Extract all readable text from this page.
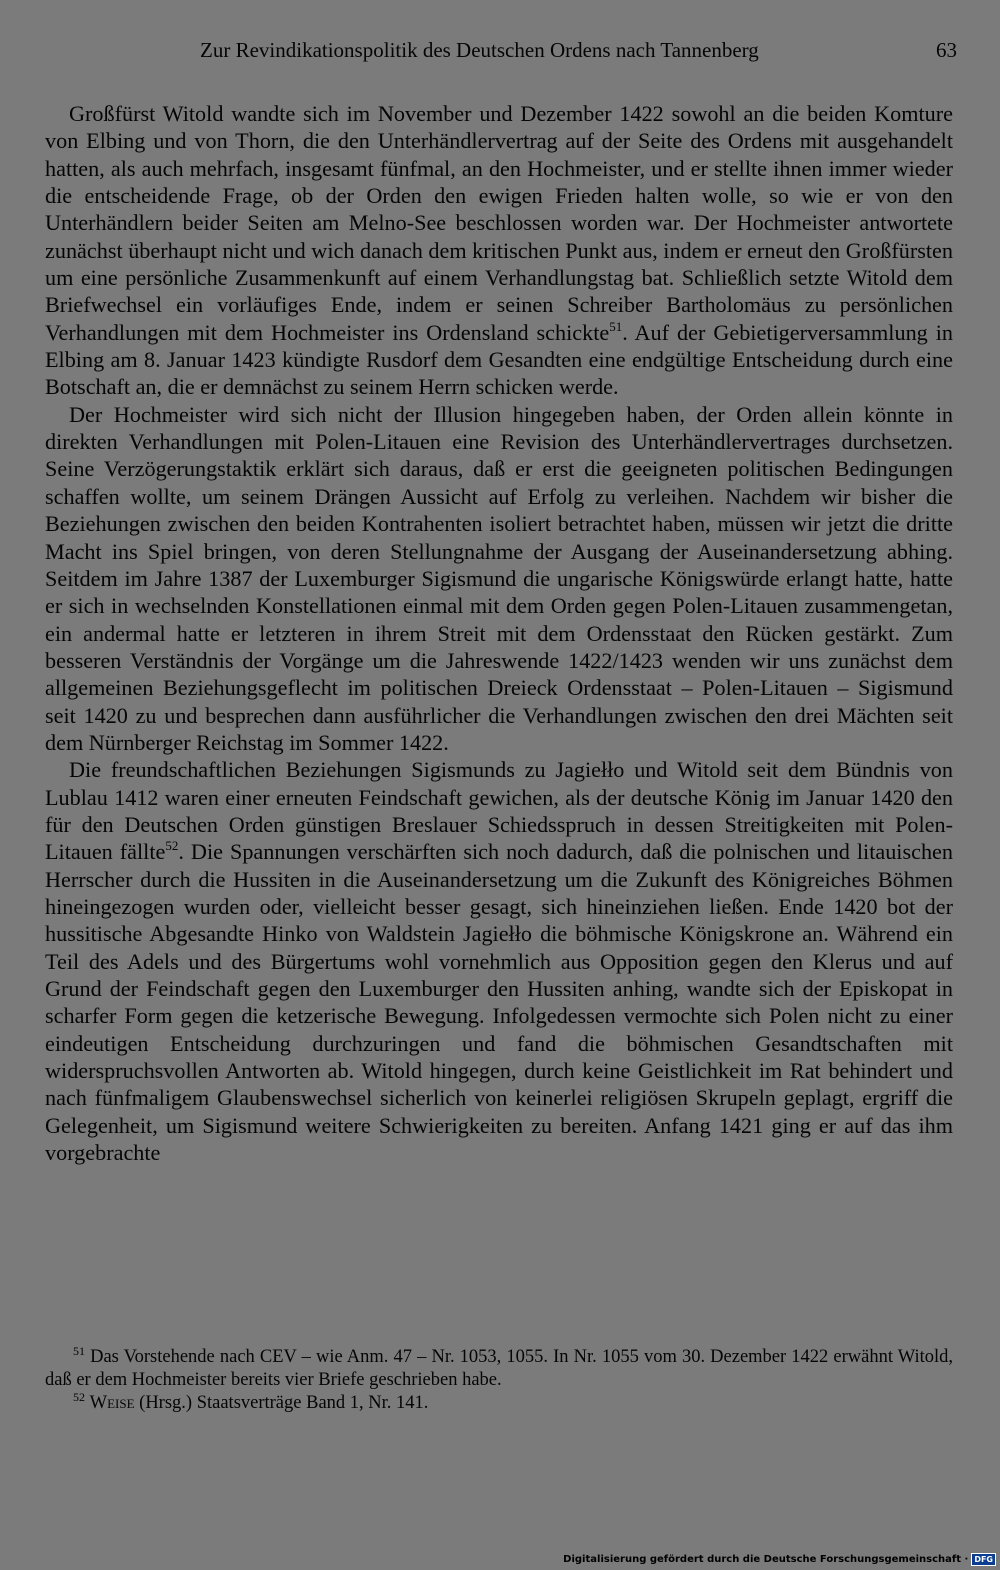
Zur Revindikationspolitik des Deutschen Ordens nach Tannenberg	63

Großfürst Witold wandte sich im November und Dezember 1422 sowohl an die beiden Komture von Elbing und von Thorn, die den Unterhändlervertrag auf der Seite des Ordens mit ausgehandelt hatten, als auch mehrfach, insgesamt fünfmal, an den Hochmeister, und er stellte ihnen immer wieder die entscheidende Frage, ob der Orden den ewigen Frieden halten wolle, so wie er von den Unterhändlern beider Seiten am Melno-See beschlossen worden war. Der Hochmeister antwortete zunächst überhaupt nicht und wich danach dem kritischen Punkt aus, indem er erneut den Großfürsten um eine persönliche Zusammenkunft auf einem Verhandlungstag bat. Schließlich setzte Witold dem Briefwechsel ein vorläufiges Ende, indem er seinen Schreiber Bartholomäus zu persönlichen Verhandlungen mit dem Hochmeister ins Ordensland schickte$^{51}$. Auf der Gebietigerversammlung in Elbing am 8. Januar 1423 kündigte Rusdorf dem Gesandten eine endgültige Entscheidung durch eine Botschaft an, die er demnächst zu seinem Herrn schicken werde.

Der Hochmeister wird sich nicht der Illusion hingegeben haben, der Orden allein könnte in direkten Verhandlungen mit Polen-Litauen eine Revision des Unterhändlervertrages durchsetzen. Seine Verzögerungstaktik erklärt sich daraus, daß er erst die geeigneten politischen Bedingungen schaffen wollte, um seinem Drängen Aussicht auf Erfolg zu verleihen. Nachdem wir bisher die Beziehungen zwischen den beiden Kontrahenten isoliert betrachtet haben, müssen wir jetzt die dritte Macht ins Spiel bringen, von deren Stellungnahme der Ausgang der Auseinandersetzung abhing. Seitdem im Jahre 1387 der Luxemburger Sigismund die ungarische Königswürde erlangt hatte, hatte er sich in wechselnden Konstellationen einmal mit dem Orden gegen Polen-Litauen zusammengetan, ein andermal hatte er letzteren in ihrem Streit mit dem Ordensstaat den Rücken gestärkt. Zum besseren Verständnis der Vorgänge um die Jahreswende 1422/1423 wenden wir uns zunächst dem allgemeinen Beziehungsgeflecht im politischen Dreieck Ordensstaat – Polen-Litauen – Sigismund seit 1420 zu und besprechen dann ausführlicher die Verhandlungen zwischen den drei Mächten seit dem Nürnberger Reichstag im Sommer 1422.

Die freundschaftlichen Beziehungen Sigismunds zu Jagiełło und Witold seit dem Bündnis von Lublau 1412 waren einer erneuten Feindschaft gewichen, als der deutsche König im Januar 1420 den für den Deutschen Orden günstigen Breslauer Schiedsspruch in dessen Streitigkeiten mit Polen-Litauen fällte$^{52}$. Die Spannungen verschärften sich noch dadurch, daß die polnischen und litauischen Herrscher durch die Hussiten in die Auseinandersetzung um die Zukunft des Königreiches Böhmen hineingezogen wurden oder, vielleicht besser gesagt, sich hineinziehen ließen. Ende 1420 bot der hussitische Abgesandte Hinko von Waldstein Jagiełło die böhmische Königskrone an. Während ein Teil des Adels und des Bürgertums wohl vornehmlich aus Opposition gegen den Klerus und auf Grund der Feindschaft gegen den Luxemburger den Hussiten anhing, wandte sich der Episkopat in scharfer Form gegen die ketzerische Bewegung. Infolgedessen vermochte sich Polen nicht zu einer eindeutigen Entscheidung durchzuringen und fand die böhmischen Gesandtschaften mit widerspruchsvollen Antworten ab. Witold hingegen, durch keine Geistlichkeit im Rat behindert und nach fünfmaligem Glaubenswechsel sicherlich von keinerlei religiösen Skrupeln geplagt, ergriff die Gelegenheit, um Sigismund weitere Schwierigkeiten zu bereiten. Anfang 1421 ging er auf das ihm vorgebrachte

$^{51}$ Das Vorstehende nach CEV – wie Anm. 47 – Nr. 1053, 1055. In Nr. 1055 vom 30. Dezember 1422 erwähnt Witold, daß er dem Hochmeister bereits vier Briefe geschrieben habe.

$^{52}$ Weise (Hrsg.) Staatsverträge Band 1, Nr. 141.

Digitalisierung gefördert durch die Deutsche Forschungsgemeinschaft · DFG
